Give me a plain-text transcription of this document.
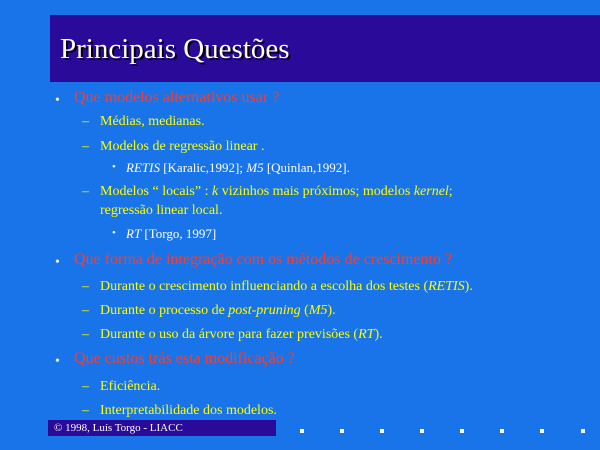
Principais Questões
• Que modelos alternativos usar ?
– Médias, medianas.
– Modelos de regressão linear .
• RETIS [Karalic,1992]; M5 [Quinlan,1992].
– Modelos “ locais” : k vizinhos mais próximos; modelos kernel;
regressão linear local.
• RT [Torgo, 1997]
• Que forma de integração com os métodos de crescimento ?
– Durante o crescimento influenciando a escolha dos testes (RETIS).
– Durante o processo de post-pruning (M5).
– Durante o uso da árvore para fazer previsões (RT).
• Que custos trás esta modificação ?
– Eficiência.
– Interpretabilidade dos modelos.
© 1998, Luís Torgo - LIACC
